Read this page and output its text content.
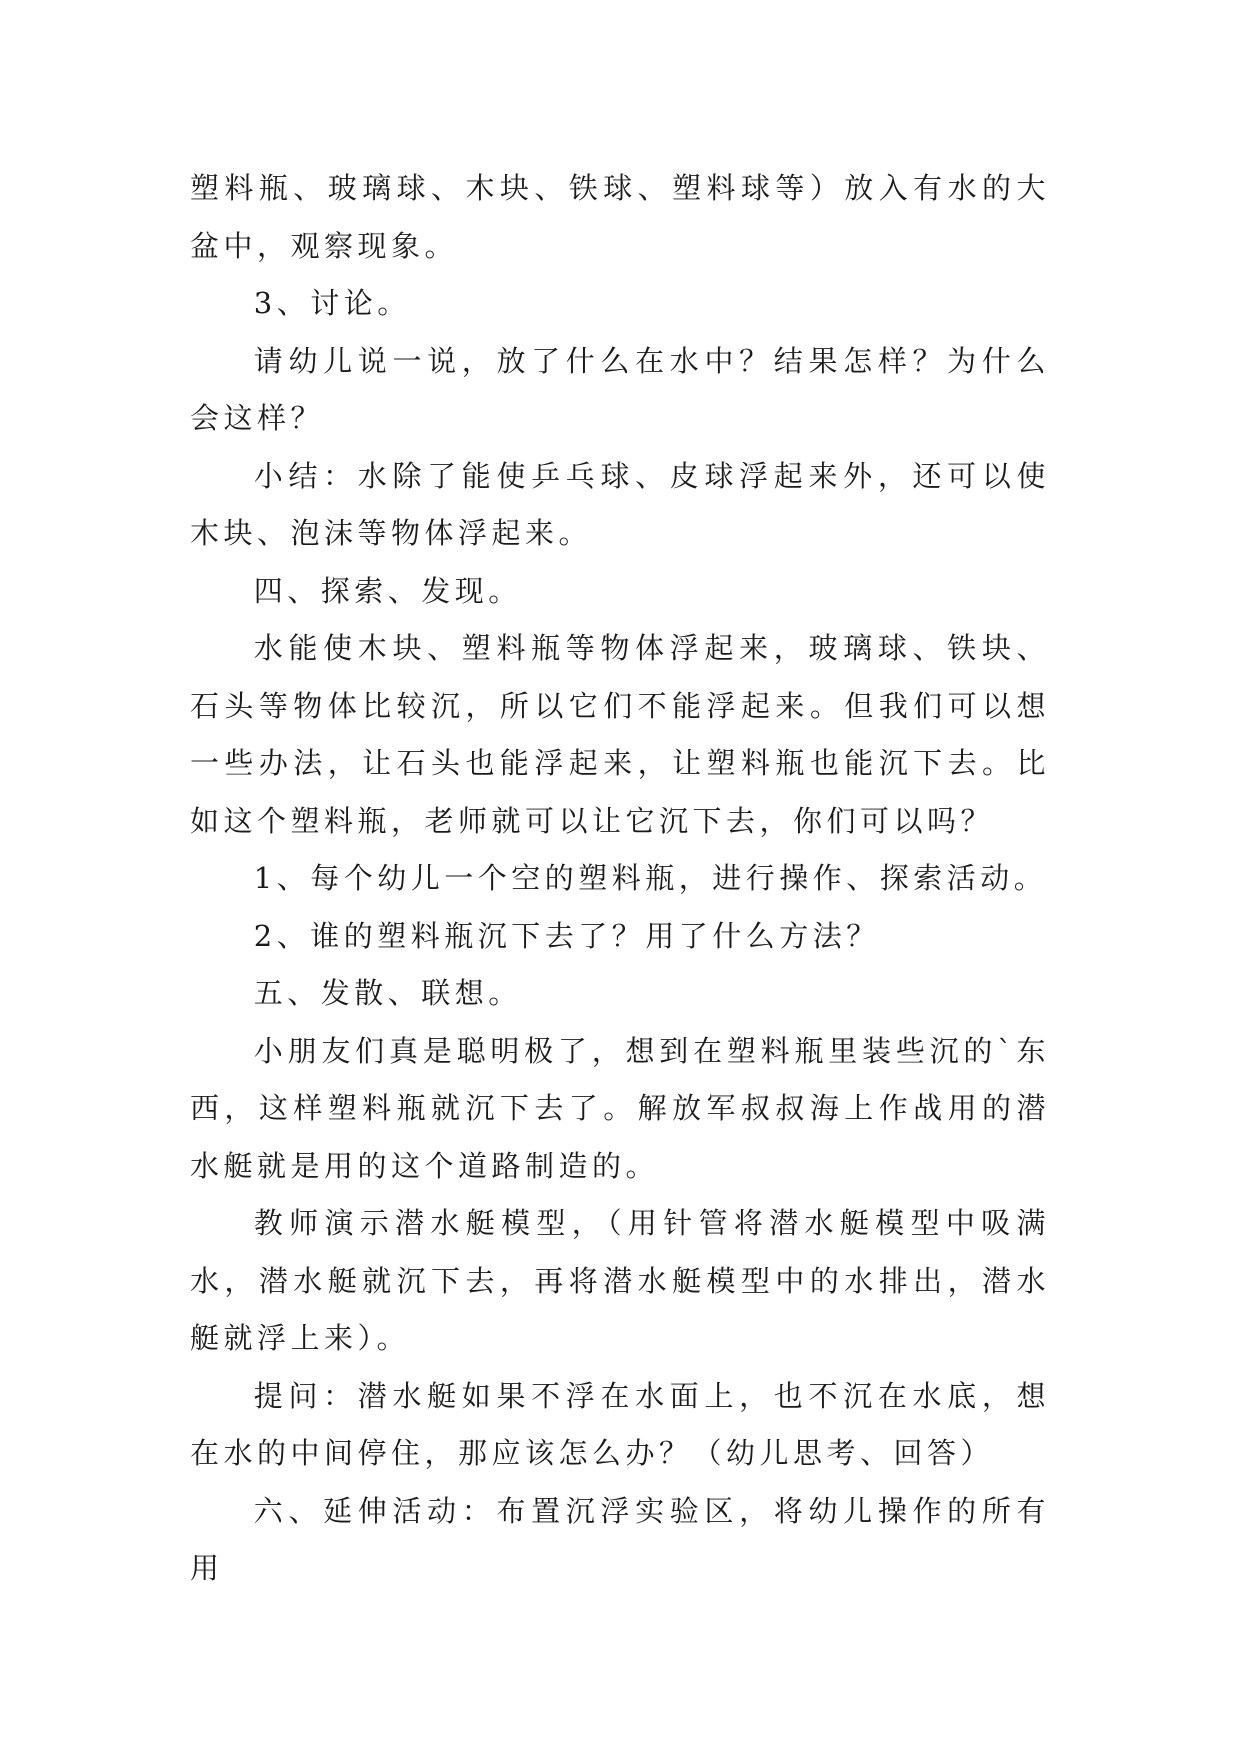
塑料瓶、玻璃球、木块、铁球、塑料球等）放入有水的大盆中，观察现象。

3、讨论。

请幼儿说一说，放了什么在水中？结果怎样？为什么会这样？

小结：水除了能使乒乓球、皮球浮起来外，还可以使木块、泡沫等物体浮起来。

四、探索、发现。

水能使木块、塑料瓶等物体浮起来，玻璃球、铁块、石头等物体比较沉，所以它们不能浮起来。但我们可以想一些办法，让石头也能浮起来，让塑料瓶也能沉下去。比如这个塑料瓶，老师就可以让它沉下去，你们可以吗？

1、每个幼儿一个空的塑料瓶，进行操作、探索活动。

2、谁的塑料瓶沉下去了？用了什么方法？

五、发散、联想。

小朋友们真是聪明极了，想到在塑料瓶里装些沉的`东西，这样塑料瓶就沉下去了。解放军叔叔海上作战用的潜水艇就是用的这个道路制造的。

教师演示潜水艇模型，（用针管将潜水艇模型中吸满水，潜水艇就沉下去，再将潜水艇模型中的水排出，潜水艇就浮上来）。

提问：潜水艇如果不浮在水面上，也不沉在水底，想在水的中间停住，那应该怎么办？（幼儿思考、回答）

六、延伸活动：布置沉浮实验区，将幼儿操作的所有用
